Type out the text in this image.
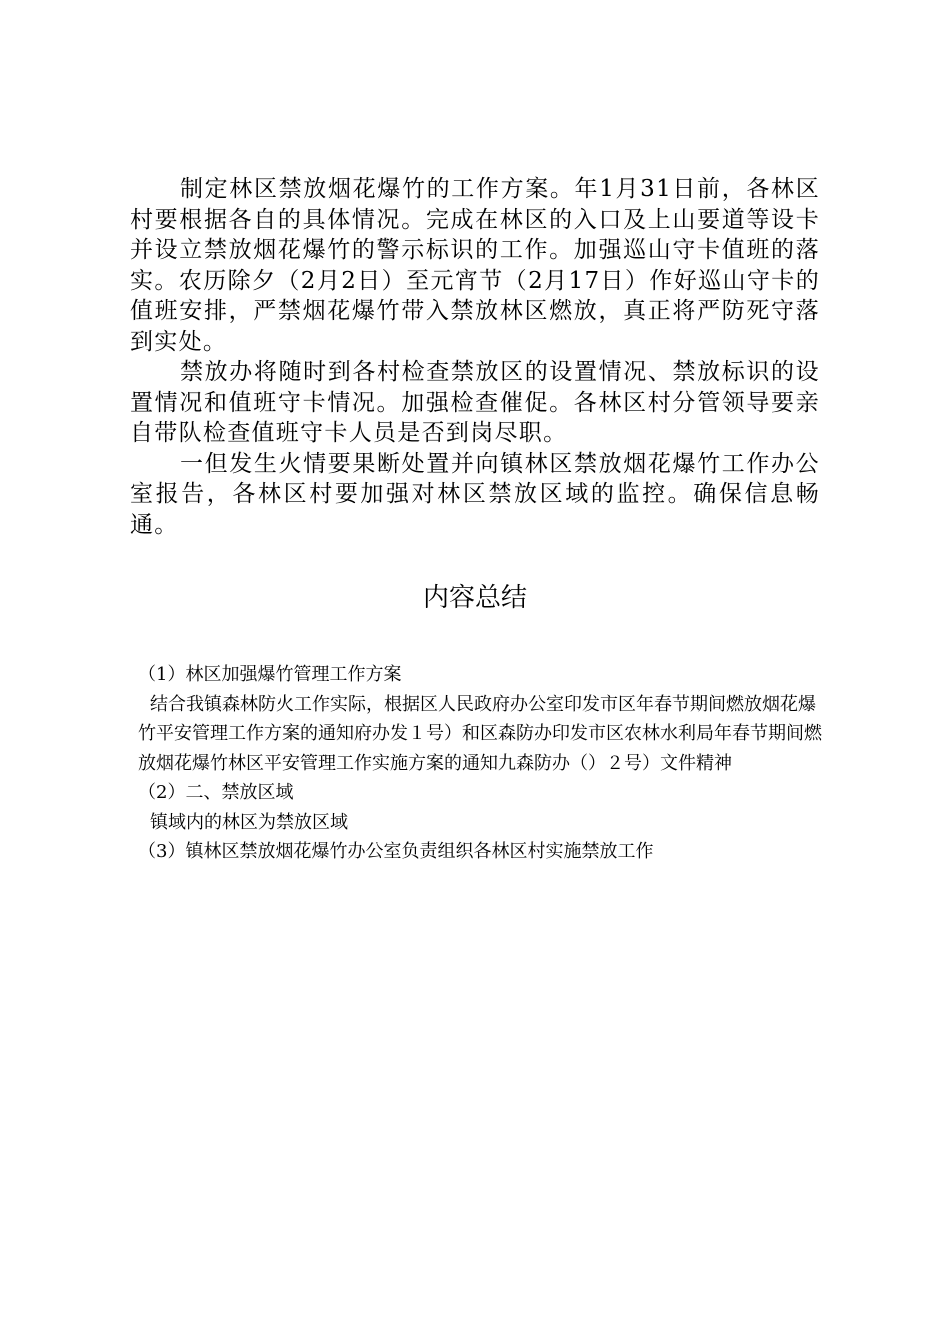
制定林区禁放烟花爆竹的工作方案。年1月31日前，各林区村要根据各自的具体情况。完成在林区的入口及上山要道等设卡并设立禁放烟花爆竹的警示标识的工作。加强巡山守卡值班的落实。农历除夕（2月2日）至元宵节（2月17日）作好巡山守卡的值班安排，严禁烟花爆竹带入禁放林区燃放，真正将严防死守落到实处。

禁放办将随时到各村检查禁放区的设置情况、禁放标识的设置情况和值班守卡情况。加强检查催促。各林区村分管领导要亲自带队检查值班守卡人员是否到岗尽职。

一但发生火情要果断处置并向镇林区禁放烟花爆竹工作办公室报告，各林区村要加强对林区禁放区域的监控。确保信息畅通。

内容总结

（1）林区加强爆竹管理工作方案

结合我镇森林防火工作实际，根据区人民政府办公室印发市区年春节期间燃放烟花爆竹平安管理工作方案的通知府办发１号）和区森防办印发市区农林水利局年春节期间燃放烟花爆竹林区平安管理工作实施方案的通知九森防办（）２号）文件精神

（2）二、禁放区域

镇域内的林区为禁放区域

（3）镇林区禁放烟花爆竹办公室负责组织各林区村实施禁放工作
